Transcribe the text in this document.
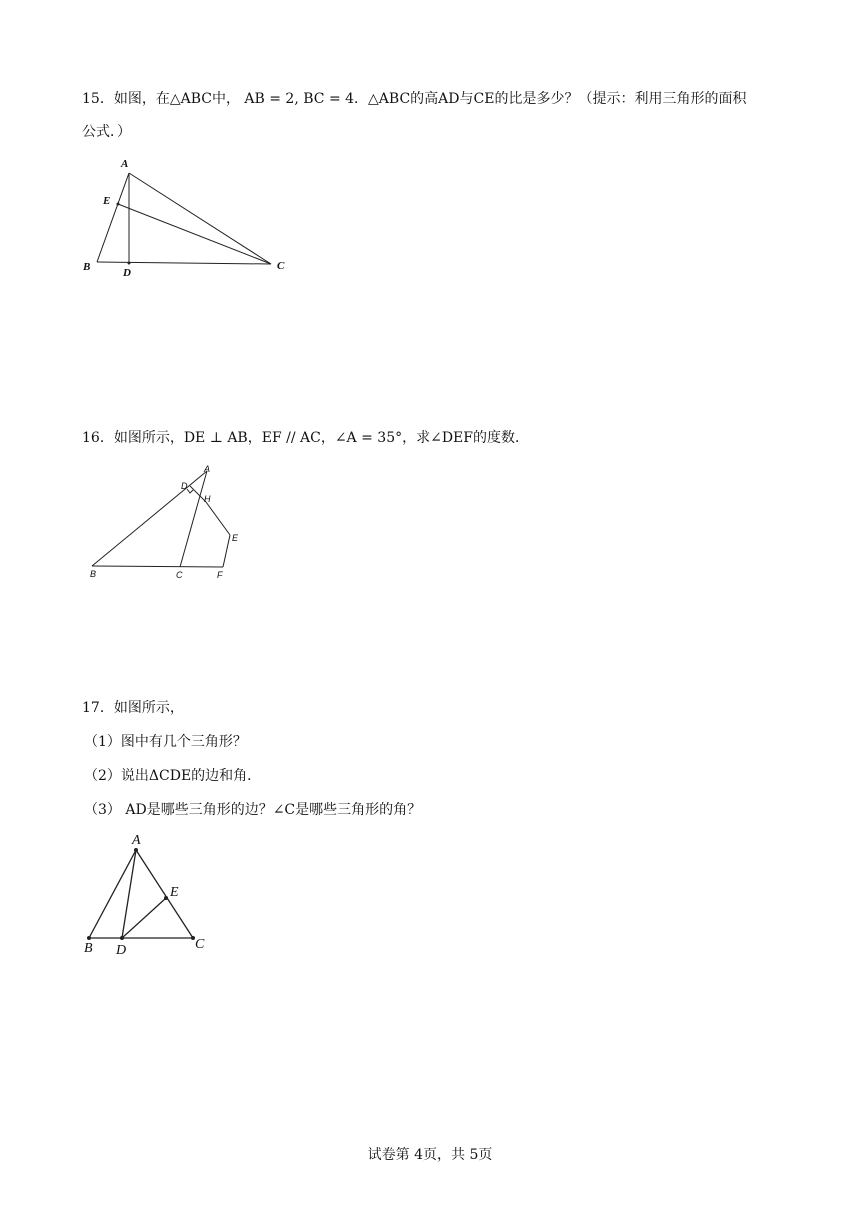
15．如图，在△ABC中， AB = 2, BC = 4．△ABC的高AD与CE的比是多少？（提示：利用三角形的面积
公式．）
A
E
B	D
C
16．如图所示，DE ⊥ AB，EF // AC，∠A = 35°，求∠DEF的度数．
A
D
H
E
B	C	F
17．如图所示，
（1）图中有几个三角形？
（2）说出ΔCDE的边和角．
（3） AD是哪些三角形的边？∠C是哪些三角形的角？
A
E
B D	C
试卷第 4页，共 5页
